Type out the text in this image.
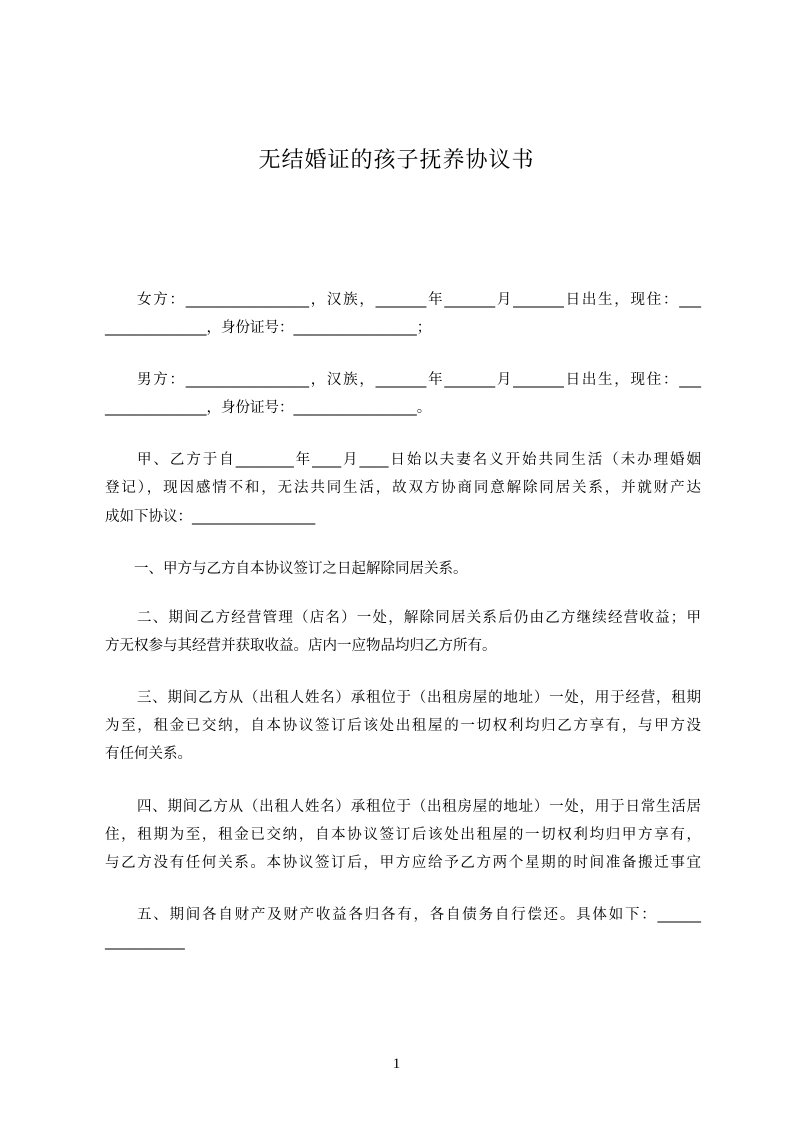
无结婚证的孩子抚养协议书
女方：_________________，汉族，_______年_______月_______日出生，现住：___
______________，身份证号：_________________；
男方：_________________，汉族，_______年_______月_______日出生，现住：___
______________，身份证号：_________________。
甲、乙方于自________年____月____日始以夫妻名义开始共同生活（未办理婚姻
登记），现因感情不和，无法共同生活，故双方协商同意解除同居关系，并就财产达
成如下协议：_________________
一、甲方与乙方自本协议签订之日起解除同居关系。
二、期间乙方经营管理（店名）一处，解除同居关系后仍由乙方继续经营收益；甲
方无权参与其经营并获取收益。店内一应物品均归乙方所有。
三、期间乙方从（出租人姓名）承租位于（出租房屋的地址）一处，用于经营，租期
为至，租金已交纳，自本协议签订后该处出租屋的一切权利均归乙方享有，与甲方没
有任何关系。
四、期间乙方从（出租人姓名）承租位于（出租房屋的地址）一处，用于日常生活居
住，租期为至，租金已交纳，自本协议签订后该处出租屋的一切权利均归甲方享有，
与乙方没有任何关系。本协议签订后，甲方应给予乙方两个星期的时间准备搬迁事宜
五、期间各自财产及财产收益各归各有，各自债务自行偿还。具体如下：______
___________
1
